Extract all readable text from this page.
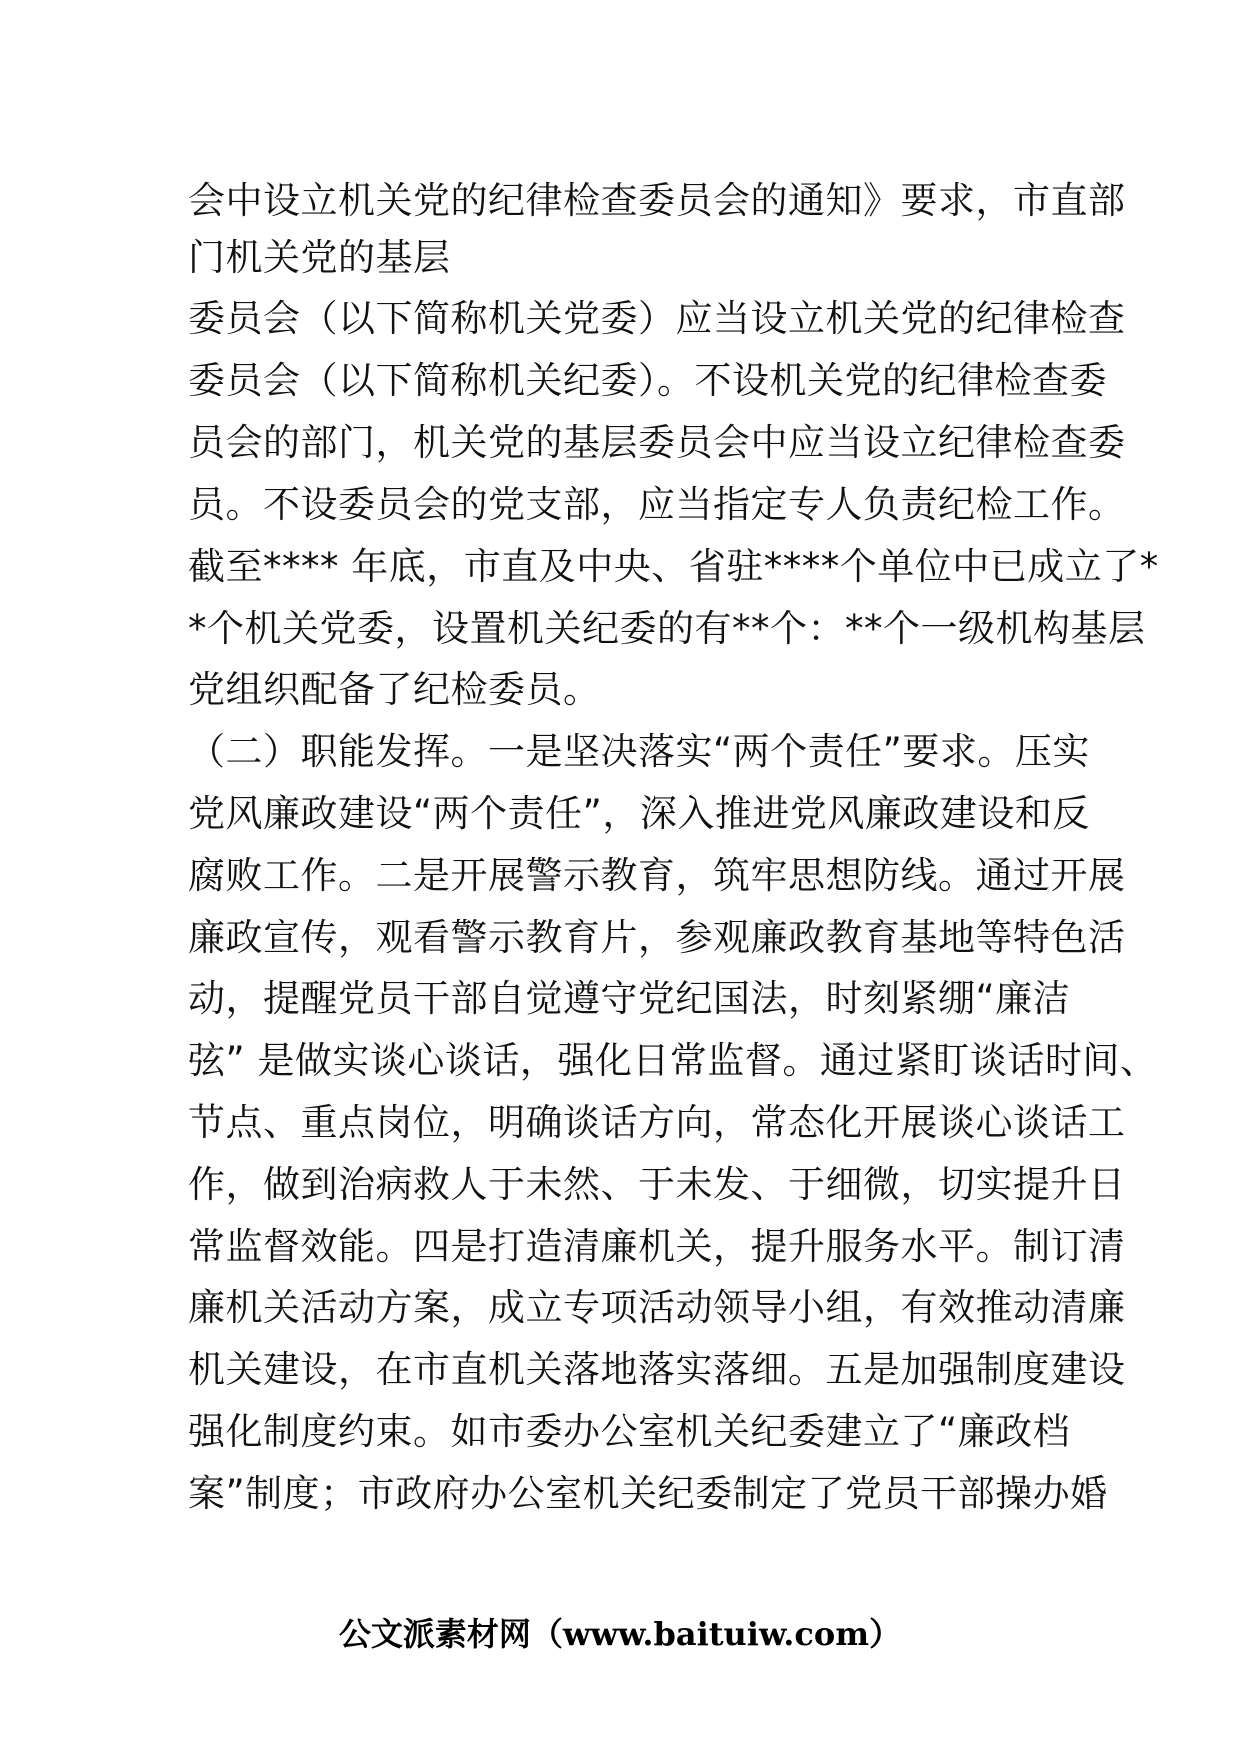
会中设立机关党的纪律检查委员会的通知》要求，市直部
门机关党的基层
委员会（以下简称机关党委）应当设立机关党的纪律检查
委员会（以下简称机关纪委）。不设机关党的纪律检查委
员会的部门，机关党的基层委员会中应当设立纪律检查委
员。不设委员会的党支部，应当指定专人负责纪检工作。
截至**** 年底，市直及中央、省驻****个单位中已成立了*
*个机关党委，设置机关纪委的有**个：**个一级机构基层
党组织配备了纪检委员。
（二）职能发挥。一是坚决落实“两个责任”要求。压实
党风廉政建设“两个责任”，深入推进党风廉政建设和反
腐败工作。二是开展警示教育，筑牢思想防线。通过开展
廉政宣传，观看警示教育片，参观廉政教育基地等特色活
动，提醒党员干部自觉遵守党纪国法，时刻紧绷“廉洁
弦” 是做实谈心谈话，强化日常监督。通过紧盯谈话时间、
节点、重点岗位，明确谈话方向，常态化开展谈心谈话工
作，做到治病救人于未然、于未发、于细微，切实提升日
常监督效能。四是打造清廉机关，提升服务水平。制订清
廉机关活动方案，成立专项活动领导小组，有效推动清廉
机关建设，在市直机关落地落实落细。五是加强制度建设
强化制度约束。如市委办公室机关纪委建立了“廉政档
案”制度；市政府办公室机关纪委制定了党员干部操办婚
公文派素材网（www.baituiw.com）
